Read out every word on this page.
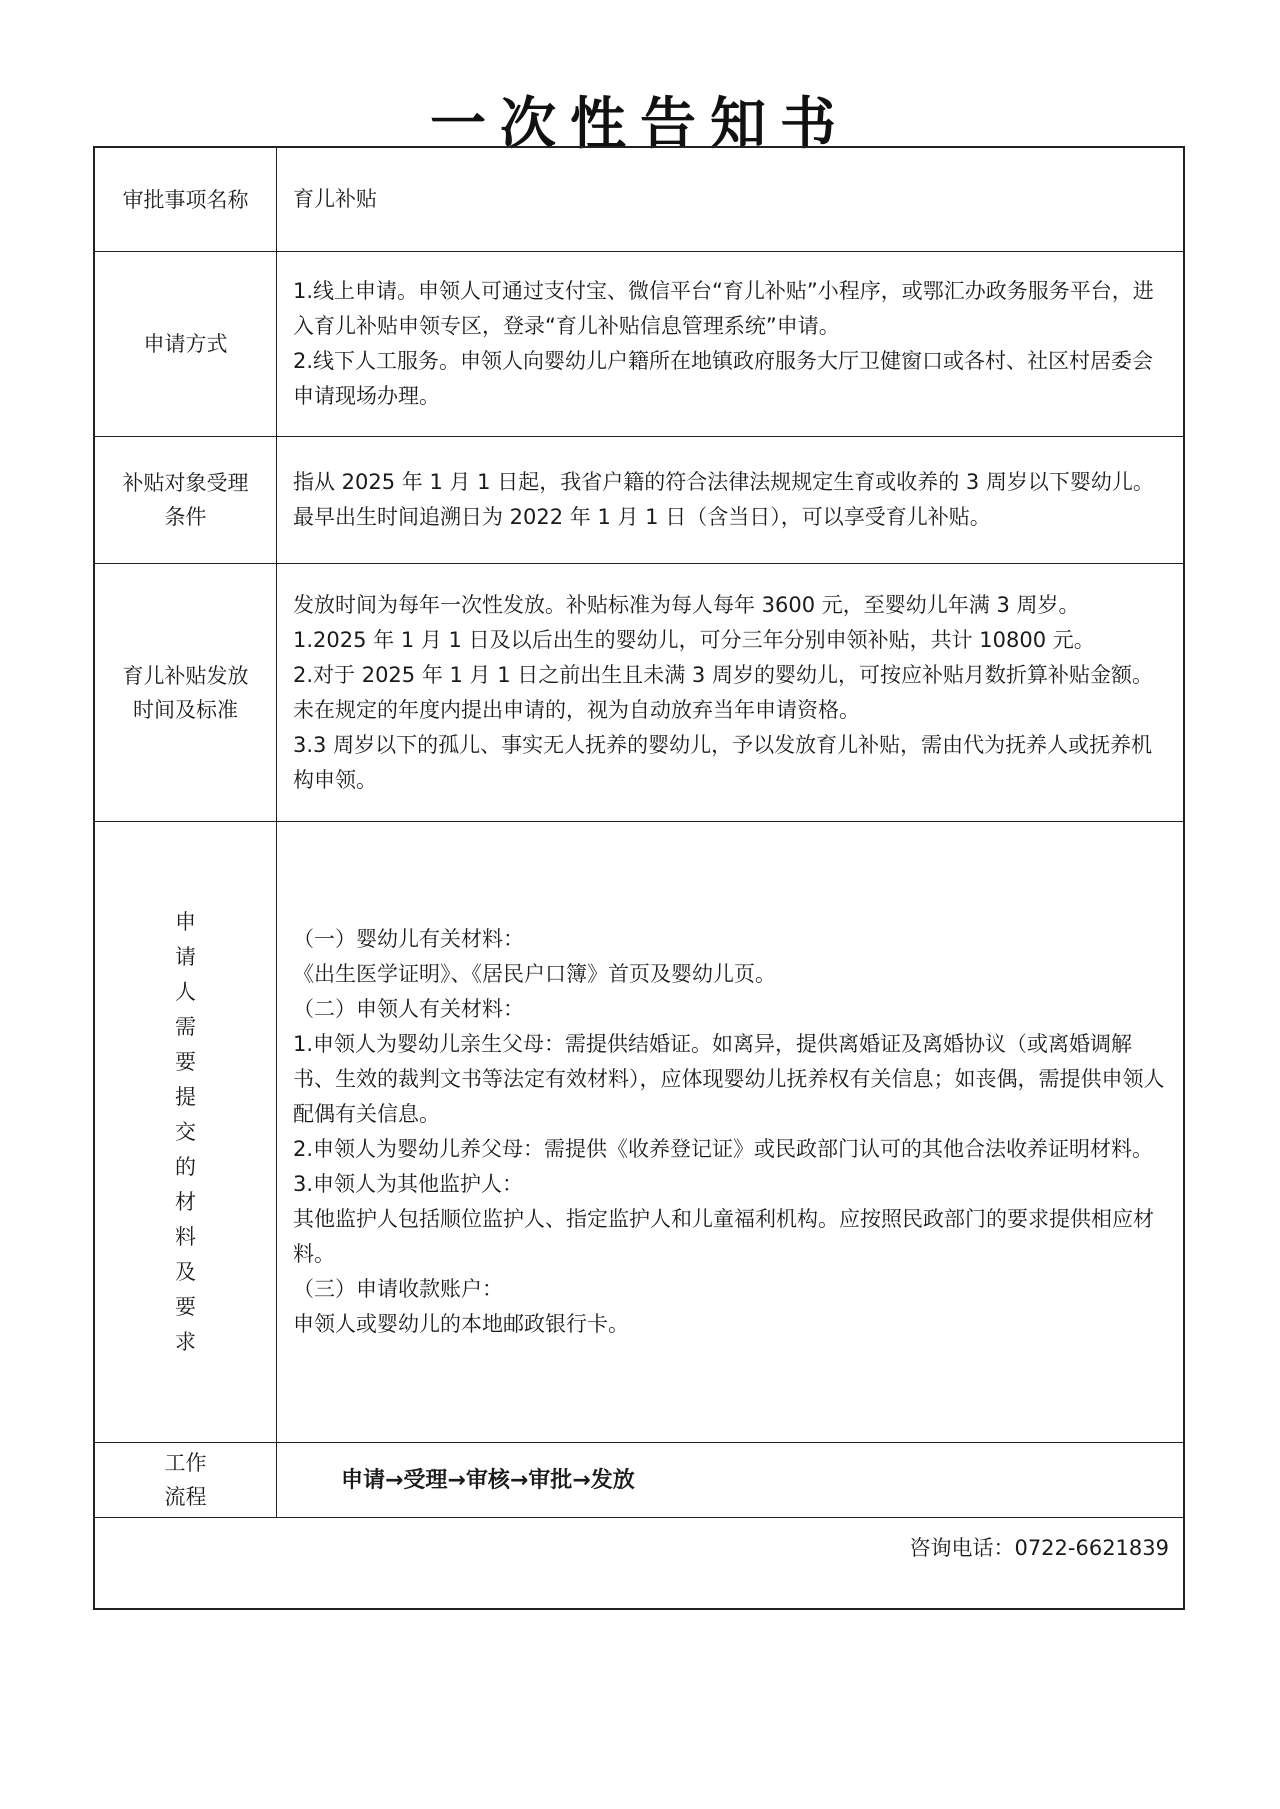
一次性告知书
审批事项名称	育儿补贴

申请方式

1.线上申请。申领人可通过支付宝、微信平台“育儿补贴”小程序，或鄂汇办政务服务平台，进入育儿补贴申领专区，登录“育儿补贴信息管理系统”申请。

2.线下人工服务。申领人向婴幼儿户籍所在地镇政府服务大厅卫健窗口或各村、社区村居委会申请现场办理。

补贴对象受理条件

指从 2025 年 1 月 1 日起，我省户籍的符合法律法规规定生育或收养的 3 周岁以下婴幼儿。最早出生时间追溯日为 2022 年 1 月 1 日（含当日），可以享受育儿补贴。

育儿补贴发放时间及标准

发放时间为每年一次性发放。补贴标准为每人每年 3600 元，至婴幼儿年满 3 周岁。

1.2025 年 1 月 1 日及以后出生的婴幼儿，可分三年分别申领补贴，共计 10800 元。

2.对于 2025 年 1 月 1 日之前出生且未满 3 周岁的婴幼儿，可按应补贴月数折算补贴金额。未在规定的年度内提出申请的，视为自动放弃当年申请资格。

3.3 周岁以下的孤儿、事实无人抚养的婴幼儿，予以发放育儿补贴，需由代为抚养人或抚养机构申领。

申
请
人
需
要
提
交
的
材
料
及
要
求

（一）婴幼儿有关材料：

《出生医学证明》、《居民户口簿》首页及婴幼儿页。

（二）申领人有关材料：

1.申领人为婴幼儿亲生父母：需提供结婚证。如离异，提供离婚证及离婚协议（或离婚调解书、生效的裁判文书等法定有效材料），应体现婴幼儿抚养权有关信息；如丧偶，需提供申领人配偶有关信息。

2.申领人为婴幼儿养父母：需提供《收养登记证》或民政部门认可的其他合法收养证明材料。

3.申领人为其他监护人：

其他监护人包括顺位监护人、指定监护人和儿童福利机构。应按照民政部门的要求提供相应材料。

（三）申请收款账户：

申领人或婴幼儿的本地邮政银行卡。

工作
流程

申请→受理→审核→审批→发放

咨询电话：0722-6621839
